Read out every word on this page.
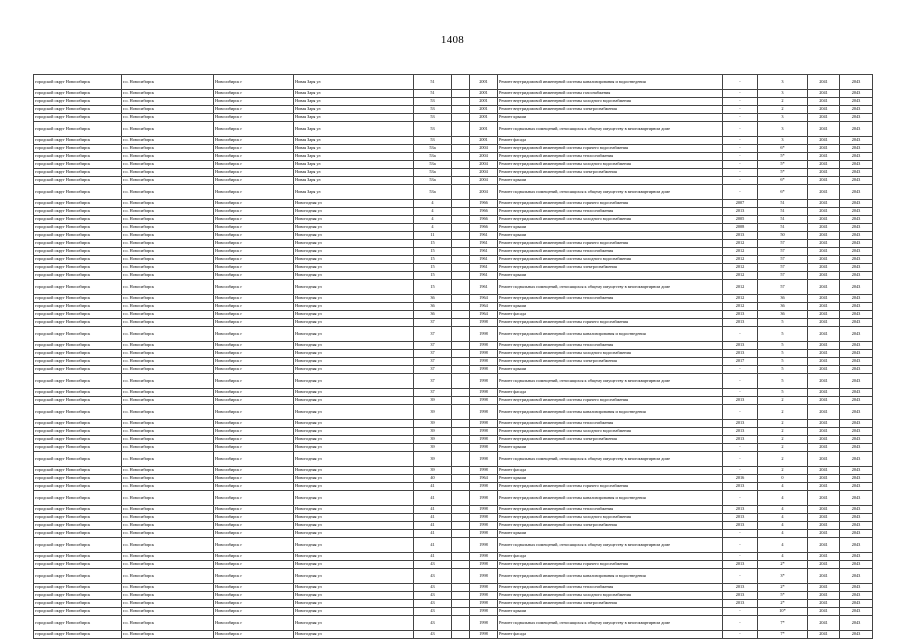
1408
городской округ Новосибирск	г.о. Новосибирск	Новосибирск г	Новая Заря ул	51		2001	Ремонт внутридомовой инженерной системы канализирования и водоотведения	-	3	2041	2043
городской округ Новосибирск	г.о. Новосибирск	Новосибирск г	Новая Заря ул	51		2001	Ремонт внутридомовой инженерной системы газоснабжения	-	3	2041	2043
городской округ Новосибирск	г.о. Новосибирск	Новосибирск г	Новая Заря ул	53		2001	Ремонт внутридомовой инженерной системы холодного водоснабжения	-	2	2041	2043
городской округ Новосибирск	г.о. Новосибирск	Новосибирск г	Новая Заря ул	53		2001	Ремонт внутридомовой инженерной системы электроснабжения	-	2	2041	2043
городской округ Новосибирск	г.о. Новосибирск	Новосибирск г	Новая Заря ул	53		2001	Ремонт крыши	-	3	2041	2043
городской округ Новосибирск	г.о. Новосибирск	Новосибирск г	Новая Заря ул	53		2001	Ремонт подвальных помещений, относящихся к общему имуществу в многоквартирном доме	-	3	2041	2043
городской округ Новосибирск	г.о. Новосибирск	Новосибирск г	Новая Заря ул	53		2001	Ремонт фасада	-	3	2041	2043
городской округ Новосибирск	г.о. Новосибирск	Новосибирск г	Новая Заря ул	53а		2004	Ремонт внутридомовой инженерной системы горячего водоснабжения	-	6*	2041	2043
городской округ Новосибирск	г.о. Новосибирск	Новосибирск г	Новая Заря ул	53а		2004	Ремонт внутридомовой инженерной системы теплоснабжения	-	5*	2041	2043
городской округ Новосибирск	г.о. Новосибирск	Новосибирск г	Новая Заря ул	53а		2004	Ремонт внутридомовой инженерной системы холодного водоснабжения	-	5*	2041	2043
городской округ Новосибирск	г.о. Новосибирск	Новосибирск г	Новая Заря ул	53а		2004	Ремонт внутридомовой инженерной системы электроснабжения	-	5*	2041	2043
городской округ Новосибирск	г.о. Новосибирск	Новосибирск г	Новая Заря ул	53а		2004	Ремонт крыши	-	6*	2041	2043
городской округ Новосибирск	г.о. Новосибирск	Новосибирск г	Новая Заря ул	53а		2004	Ремонт подвальных помещений, относящихся к общему имуществу в многоквартирном доме	-	6*	2041	2043
городской округ Новосибирск	г.о. Новосибирск	Новосибирск г	Новогодняя ул	4		1966	Ремонт внутридомовой инженерной системы горячего водоснабжения	2007	51	2041	2043
городской округ Новосибирск	г.о. Новосибирск	Новосибирск г	Новогодняя ул	4		1966	Ремонт внутридомовой инженерной системы теплоснабжения	2013	51	2041	2043
городской округ Новосибирск	г.о. Новосибирск	Новосибирск г	Новогодняя ул	4		1966	Ремонт внутридомовой инженерной системы холодного водоснабжения	2005	51	2041	2043
городской округ Новосибирск	г.о. Новосибирск	Новосибирск г	Новогодняя ул	4		1966	Ремонт крыши	2008	51	2041	2043
городской округ Новосибирск	г.о. Новосибирск	Новосибирск г	Новогодняя ул	11		1961	Ремонт крыши	2013	50	2041	2043
городской округ Новосибирск	г.о. Новосибирск	Новосибирск г	Новогодняя ул	15		1961	Ремонт внутридомовой инженерной системы горячего водоснабжения	2012	57	2041	2043
городской округ Новосибирск	г.о. Новосибирск	Новосибирск г	Новогодняя ул	15		1961	Ремонт внутридомовой инженерной системы теплоснабжения	2012	57	2041	2043
городской округ Новосибирск	г.о. Новосибирск	Новосибирск г	Новогодняя ул	15		1961	Ремонт внутридомовой инженерной системы холодного водоснабжения	2012	57	2041	2043
городской округ Новосибирск	г.о. Новосибирск	Новосибирск г	Новогодняя ул	15		1961	Ремонт внутридомовой инженерной системы электроснабжения	2012	57	2041	2043
городской округ Новосибирск	г.о. Новосибирск	Новосибирск г	Новогодняя ул	15		1961	Ремонт крыши	2012	57	2041	2043
городской округ Новосибирск	г.о. Новосибирск	Новосибирск г	Новогодняя ул	15		1961	Ремонт подвальных помещений, относящихся к общему имуществу в многоквартирном доме	2012	57	2041	2043
городской округ Новосибирск	г.о. Новосибирск	Новосибирск г	Новогодняя ул	36		1964	Ремонт внутридомовой инженерной системы теплоснабжения	2012	36	2041	2043
городской округ Новосибирск	г.о. Новосибирск	Новосибирск г	Новогодняя ул	36		1964	Ремонт крыши	2012	36	2041	2043
городской округ Новосибирск	г.о. Новосибирск	Новосибирск г	Новогодняя ул	36		1964	Ремонт фасада	2013	36	2041	2043
городской округ Новосибирск	г.о. Новосибирск	Новосибирск г	Новогодняя ул	37		1998	Ремонт внутридомовой инженерной системы горячего водоснабжения	2013	5	2041	2043
городской округ Новосибирск	г.о. Новосибирск	Новосибирск г	Новогодняя ул	37		1998	Ремонт внутридомовой инженерной системы канализирования и водоотведения	-	5	2041	2043
городской округ Новосибирск	г.о. Новосибирск	Новосибирск г	Новогодняя ул	37		1998	Ремонт внутридомовой инженерной системы теплоснабжения	2013	5	2041	2043
городской округ Новосибирск	г.о. Новосибирск	Новосибирск г	Новогодняя ул	37		1998	Ремонт внутридомовой инженерной системы холодного водоснабжения	2013	5	2041	2043
городской округ Новосибирск	г.о. Новосибирск	Новосибирск г	Новогодняя ул	37		1998	Ремонт внутридомовой инженерной системы электроснабжения	2017	5	2041	2043
городской округ Новосибирск	г.о. Новосибирск	Новосибирск г	Новогодняя ул	37		1998	Ремонт крыши	-	5	2041	2043
городской округ Новосибирск	г.о. Новосибирск	Новосибирск г	Новогодняя ул	37		1998	Ремонт подвальных помещений, относящихся к общему имуществу в многоквартирном доме	-	5	2041	2043
городской округ Новосибирск	г.о. Новосибирск	Новосибирск г	Новогодняя ул	37		1998	Ремонт фасада	-	5	2041	2043
городской округ Новосибирск	г.о. Новосибирск	Новосибирск г	Новогодняя ул	39		1998	Ремонт внутридомовой инженерной системы горячего водоснабжения	2013	2	2041	2043
городской округ Новосибирск	г.о. Новосибирск	Новосибирск г	Новогодняя ул	39		1998	Ремонт внутридомовой инженерной системы канализирования и водоотведения	-	2	2041	2043
городской округ Новосибирск	г.о. Новосибирск	Новосибирск г	Новогодняя ул	39		1998	Ремонт внутридомовой инженерной системы теплоснабжения	2013	2	2041	2043
городской округ Новосибирск	г.о. Новосибирск	Новосибирск г	Новогодняя ул	39		1998	Ремонт внутридомовой инженерной системы холодного водоснабжения	2013	2	2041	2043
городской округ Новосибирск	г.о. Новосибирск	Новосибирск г	Новогодняя ул	39		1998	Ремонт внутридомовой инженерной системы электроснабжения	2013	2	2041	2043
городской округ Новосибирск	г.о. Новосибирск	Новосибирск г	Новогодняя ул	39		1998	Ремонт крыши	-	2	2041	2043
городской округ Новосибирск	г.о. Новосибирск	Новосибирск г	Новогодняя ул	39		1998	Ремонт подвальных помещений, относящихся к общему имуществу в многоквартирном доме	-	2	2041	2043
городской округ Новосибирск	г.о. Новосибирск	Новосибирск г	Новогодняя ул	39		1998	Ремонт фасада	-	2	2041	2043
городской округ Новосибирск	г.о. Новосибирск	Новосибирск г	Новогодняя ул	40		1964	Ремонт крыши	2016	0	2041	2043
городской округ Новосибирск	г.о. Новосибирск	Новосибирск г	Новогодняя ул	41		1998	Ремонт внутридомовой инженерной системы горячего водоснабжения	2013	4	2041	2043
городской округ Новосибирск	г.о. Новосибирск	Новосибирск г	Новогодняя ул	41		1998	Ремонт внутридомовой инженерной системы канализирования и водоотведения	-	4	2041	2043
городской округ Новосибирск	г.о. Новосибирск	Новосибирск г	Новогодняя ул	41		1998	Ремонт внутридомовой инженерной системы теплоснабжения	2013	4	2041	2043
городской округ Новосибирск	г.о. Новосибирск	Новосибирск г	Новогодняя ул	41		1998	Ремонт внутридомовой инженерной системы холодного водоснабжения	2013	4	2041	2043
городской округ Новосибирск	г.о. Новосибирск	Новосибирск г	Новогодняя ул	41		1998	Ремонт внутридомовой инженерной системы электроснабжения	2013	4	2041	2043
городской округ Новосибирск	г.о. Новосибирск	Новосибирск г	Новогодняя ул	41		1998	Ремонт крыши	-	4	2041	2043
городской округ Новосибирск	г.о. Новосибирск	Новосибирск г	Новогодняя ул	41		1998	Ремонт подвальных помещений, относящихся к общему имуществу в многоквартирном доме	-	4	2041	2043
городской округ Новосибирск	г.о. Новосибирск	Новосибирск г	Новогодняя ул	41		1998	Ремонт фасада	-	4	2041	2043
городской округ Новосибирск	г.о. Новосибирск	Новосибирск г	Новогодняя ул	43		1998	Ремонт внутридомовой инженерной системы горячего водоснабжения	2013	2*	2041	2043
городской округ Новосибирск	г.о. Новосибирск	Новосибирск г	Новогодняя ул	43		1998	Ремонт внутридомовой инженерной системы канализирования и водоотведения	-	3*	2041	2043
городской округ Новосибирск	г.о. Новосибирск	Новосибирск г	Новогодняя ул	43		1998	Ремонт внутридомовой инженерной системы теплоснабжения	2013	2*	2041	2043
городской округ Новосибирск	г.о. Новосибирск	Новосибирск г	Новогодняя ул	43		1998	Ремонт внутридомовой инженерной системы холодного водоснабжения	2013	5*	2041	2043
городской округ Новосибирск	г.о. Новосибирск	Новосибирск г	Новогодняя ул	43		1998	Ремонт внутридомовой инженерной системы электроснабжения	2013	2*	2041	2043
городской округ Новосибирск	г.о. Новосибирск	Новосибирск г	Новогодняя ул	43		1998	Ремонт крыши	-	10*	2041	2043
городской округ Новосибирск	г.о. Новосибирск	Новосибирск г	Новогодняя ул	43		1998	Ремонт подвальных помещений, относящихся к общему имуществу в многоквартирном доме	-	7*	2041	2043
городской округ Новосибирск	г.о. Новосибирск	Новосибирск г	Новогодняя ул	43		1998	Ремонт фасада	-	7*	2041	2043
